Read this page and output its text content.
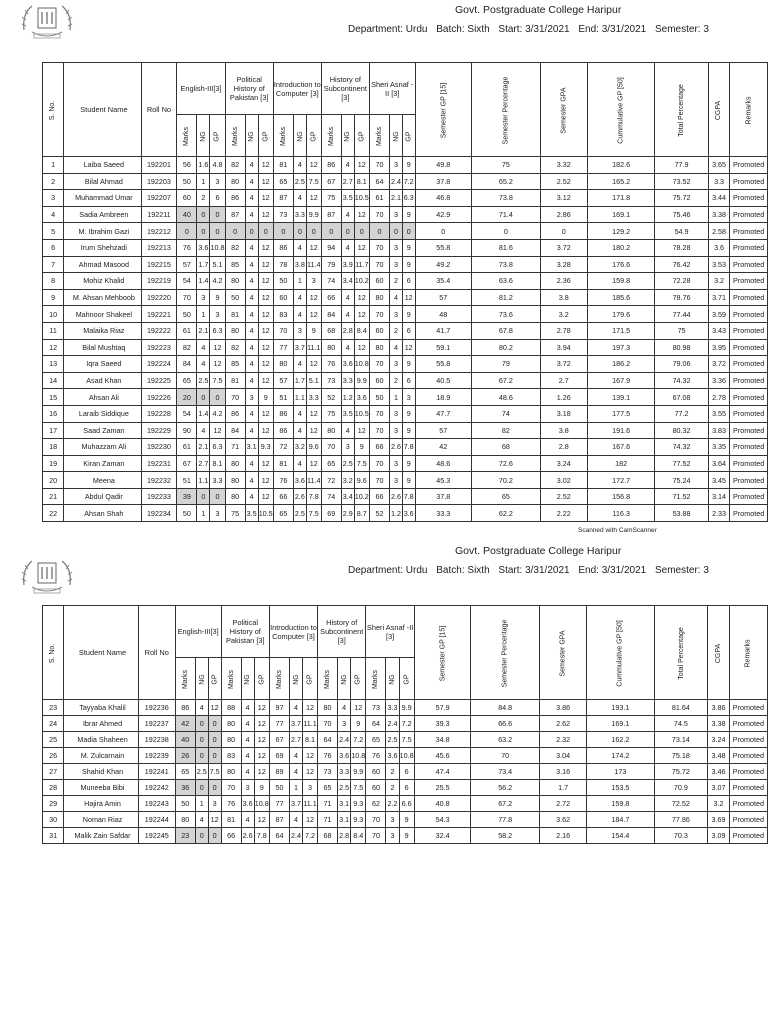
Govt. Postgraduate College Haripur
Department: Urdu Batch: Sixth Start: 3/31/2021 End: 3/31/2021 Semester: 3
S. No.	Student Name	Roll No	English-III[3]			Political History of Pakistan [3]			Introduction to Computer [3]			History of Subcontinent [3]			Sheri Asnaf -II [3]			Semester GP [15]	Semester Percentage	Semester GPA	Cummulative GP [50]	Total Percentage	CGPA	Remarks
			Marks	NG	GP	Marks	NG	GP	Marks	NG	GP	Marks	NG	GP	Marks	NG	GP							
1	Laiba Saeed	192201	56	1.6	4.8	82	4	12	81	4	12	86	4	12	70	3	9	49.8	75	3.32	182.6	77.9	3.65	Promoted
2	Bilal Ahmad	192203	50	1	3	80	4	12	65	2.5	7.5	67	2.7	8.1	64	2.4	7.2	37.8	65.2	2.52	165.2	73.52	3.3	Promoted
3	Muhammad Umar	192207	60	2	6	86	4	12	87	4	12	75	3.5	10.5	61	2.1	6.3	46.8	73.8	3.12	171.8	75.72	3.44	Promoted
4	Sadia Ambreen	192211	40	0	0	87	4	12	73	3.3	9.9	87	4	12	70	3	9	42.9	71.4	2.86	169.1	75.46	3.38	Promoted
5	M. Ibrahim Gazi	192212	0	0	0	0	0	0	0	0	0	0	0	0	0	0	0	0	0	0	129.2	54.9	2.58	Promoted
6	Irum Shehzadi	192213	76	3.6	10.8	82	4	12	86	4	12	94	4	12	70	3	9	55.8	81.6	3.72	180.2	78.28	3.6	Promoted
7	Ahmad Masood	192215	57	1.7	5.1	85	4	12	78	3.8	11.4	79	3.9	11.7	70	3	9	49.2	73.8	3.28	176.6	76.42	3.53	Promoted
8	Mohiz Khalid	192219	54	1.4	4.2	80	4	12	50	1	3	74	3.4	10.2	60	2	6	35.4	63.6	2.36	159.8	72.28	3.2	Promoted
9	M. Ahsan Mehboob	192220	70	3	9	50	4	12	60	4	12	66	4	12	80	4	12	57	81.2	3.8	185.6	78.76	3.71	Promoted
10	Mahnoor Shakeel	192221	50	1	3	81	4	12	83	4	12	84	4	12	70	3	9	48	73.6	3.2	179.6	77.44	3.59	Promoted
11	Malaika Riaz	192222	61	2.1	6.3	80	4	12	70	3	9	68	2.8	8.4	60	2	6	41.7	67.8	2.78	171.5	75	3.43	Promoted
12	Bilal Mushtaq	192223	82	4	12	82	4	12	77	3.7	11.1	80	4	12	80	4	12	59.1	80.2	3.94	197.3	80.98	3.95	Promoted
13	Iqra Saeed	192224	84	4	12	85	4	12	80	4	12	76	3.6	10.8	70	3	9	55.8	79	3.72	186.2	79.06	3.72	Promoted
14	Asad Khan	192225	65	2.5	7.5	81	4	12	57	1.7	5.1	73	3.3	9.9	60	2	6	40.5	67.2	2.7	167.9	74.32	3.36	Promoted
15	Ahsan Ali	192226	20	0	0	70	3	9	51	1.1	3.3	52	1.2	3.6	50	1	3	18.9	48.6	1.26	139.1	67.08	2.78	Promoted
16	Laraib Siddique	192228	54	1.4	4.2	86	4	12	86	4	12	75	3.5	10.5	70	3	9	47.7	74	3.18	177.5	77.2	3.55	Promoted
17	Saad Zaman	192229	90	4	12	84	4	12	86	4	12	80	4	12	70	3	9	57	82	3.8	191.6	80.32	3.83	Promoted
18	Muhazzam Ali	192230	61	2.1	6.3	71	3.1	9.3	72	3.2	9.6	70	3	9	66	2.6	7.8	42	68	2.8	167.6	74.32	3.35	Promoted
19	Kiran Zaman	192231	67	2.7	8.1	80	4	12	81	4	12	65	2.5	7.5	70	3	9	48.6	72.6	3.24	182	77.52	3.64	Promoted
20	Meena	192232	51	1.1	3.3	80	4	12	76	3.6	11.4	72	3.2	9.6	70	3	9	45.3	70.2	3.02	172.7	75.24	3.45	Promoted
21	Abdul Qadir	192233	39	0	0	80	4	12	66	2.6	7.8	74	3.4	10.2	66	2.6	7.8	37.8	65	2.52	156.8	71.52	3.14	Promoted
22	Ahsan Shah	192234	50	1	3	75	3.5	10.5	65	2.5	7.5	69	2.9	8.7	52	1.2	3.6	33.3	62.2	2.22	116.3	53.88	2.33	Promoted
Scanned with CamScanner
Govt. Postgraduate College Haripur
Department: Urdu Batch: Sixth Start: 3/31/2021 End: 3/31/2021 Semester: 3
S. No.	Student Name	Roll No	English-III[3]			Political History of Pakistan [3]			Introduction to Computer [3]			History of Subcontinent [3]			Sheri Asnaf -II [3]			Semester GP [15]	Semester Percentage	Semester GPA	Cummulative GP [50]	Total Percentage	CGPA	Remarks
			Marks	NG	GP	Marks	NG	GP	Marks	NG	GP	Marks	NG	GP	Marks	NG	GP							
23	Tayyaba Khalil	192236	86	4	12	88	4	12	97	4	12	80	4	12	73	3.3	9.9	57.9	84.8	3.86	193.1	81.64	3.86	Promoted
24	Ibrar Ahmed	192237	42	0	0	80	4	12	77	3.7	11.1	70	3	9	64	2.4	7.2	39.3	66.6	2.62	169.1	74.5	3.38	Promoted
25	Madia Shaheen	192238	40	0	0	80	4	12	67	2.7	8.1	64	2.4	7.2	65	2.5	7.5	34.8	63.2	2.32	162.2	73.14	3.24	Promoted
26	M. Zulcarnain	192239	26	0	0	83	4	12	69	4	12	76	3.6	10.8	76	3.6	10.8	45.6	70	3.04	174.2	75.18	3.48	Promoted
27	Shahid Khan	192241	65	2.5	7.5	80	4	12	89	4	12	73	3.3	9.9	60	2	6	47.4	73.4	3.16	173	75.72	3.46	Promoted
28	Muneeba Bibi	192242	36	0	0	70	3	9	50	1	3	65	2.5	7.5	60	2	6	25.5	56.2	1.7	153.5	70.9	3.07	Promoted
29	Hajira Amin	192243	50	1	3	76	3.6	10.8	77	3.7	11.1	71	3.1	9.3	62	2.2	6.6	40.8	67.2	2.72	159.8	72.52	3.2	Promoted
30	Noman Riaz	192244	80	4	12	81	4	12	87	4	12	71	3.1	9.3	70	3	9	54.3	77.8	3.62	184.7	77.86	3.69	Promoted
31	Malik Zain Safdar	192245	23	0	0	66	2.6	7.8	64	2.4	7.2	68	2.8	8.4	70	3	9	32.4	58.2	2.16	154.4	70.3	3.09	Promoted
